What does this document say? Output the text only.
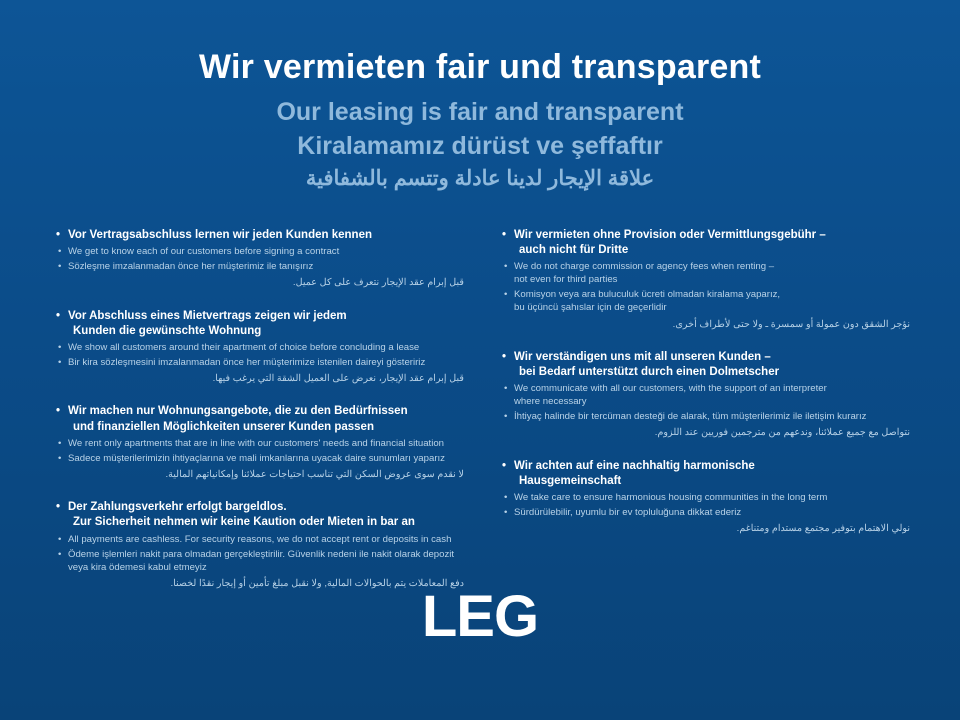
Wir vermieten fair und transparent
Our leasing is fair and transparent
Kiralamamız dürüst ve şeffaftır
علاقة الإيجار لدينا عادلة وتتسم بالشفافية
• Vor Vertragsabschluss lernen wir jeden Kunden kennen
• We get to know each of our customers before signing a contract
• Sözleşme imzalanmadan önce her müşterimiz ile tanışırız
قبل إبرام عقد الإيجار نتعرف على كل عميل.
• Vor Abschluss eines Mietvertrags zeigen wir jedem
Kunden die gewünschte Wohnung
• We show all customers around their apartment of choice before concluding a lease
• Bir kira sözleşmesini imzalanmadan önce her müşterimize istenilen daireyi gösteririz
قبل إبرام عقد الإيجار، نعرض على العميل الشقة التي يرغب فيها.
• Wir machen nur Wohnungsangebote, die zu den Bedürfnissen
und finanziellen Möglichkeiten unserer Kunden passen
• We rent only apartments that are in line with our customers' needs and financial situation
• Sadece müşterilerimizin ihtiyaçlarına ve mali imkanlarına uyacak daire sunumları yaparız
لا نقدم سوى عروض السكن التي تناسب احتياجات عملائنا وإمكانياتهم المالية.
• Der Zahlungsverkehr erfolgt bargeldlos.
Zur Sicherheit nehmen wir keine Kaution oder Mieten in bar an
• All payments are cashless. For security reasons, we do not accept rent or deposits in cash
• Ödeme işlemleri nakit para olmadan gerçekleştirilir. Güvenlik nedeni ile nakit olarak depozit
veya kira ödemesi kabul etmeyiz
دفع المعاملات يتم بالحوالات المالية, ولا نقبل مبلغ تأمين أو إيجار نقدًا لخصنا.
• Wir vermieten ohne Provision oder Vermittlungsgebühr –
auch nicht für Dritte
• We do not charge commission or agency fees when renting –
not even for third parties
• Komisyon veya ara buluculuk ücreti olmadan kiralama yaparız,
bu üçüncü şahıslar için de geçerlidir
نؤجر الشقق دون عمولة أو سمسرة ـ ولا حتى لأطراف أخرى.
• Wir verständigen uns mit all unseren Kunden –
bei Bedarf unterstützt durch einen Dolmetscher
• We communicate with all our customers, with the support of an interpreter
where necessary
• İhtiyaç halinde bir tercüman desteği de alarak, tüm müşterilerimiz ile iletişim kurarız
نتواصل مع جميع عملائنا، وندعهم من مترجمين فوريين عند اللزوم.
• Wir achten auf eine nachhaltig harmonische
Hausgemeinschaft
• We take care to ensure harmonious housing communities in the long term
• Sürdürülebilir, uyumlu bir ev topluluğuna dikkat ederiz
نولي الاهتمام بتوفير مجتمع مستدام ومتناغم.
LEG
